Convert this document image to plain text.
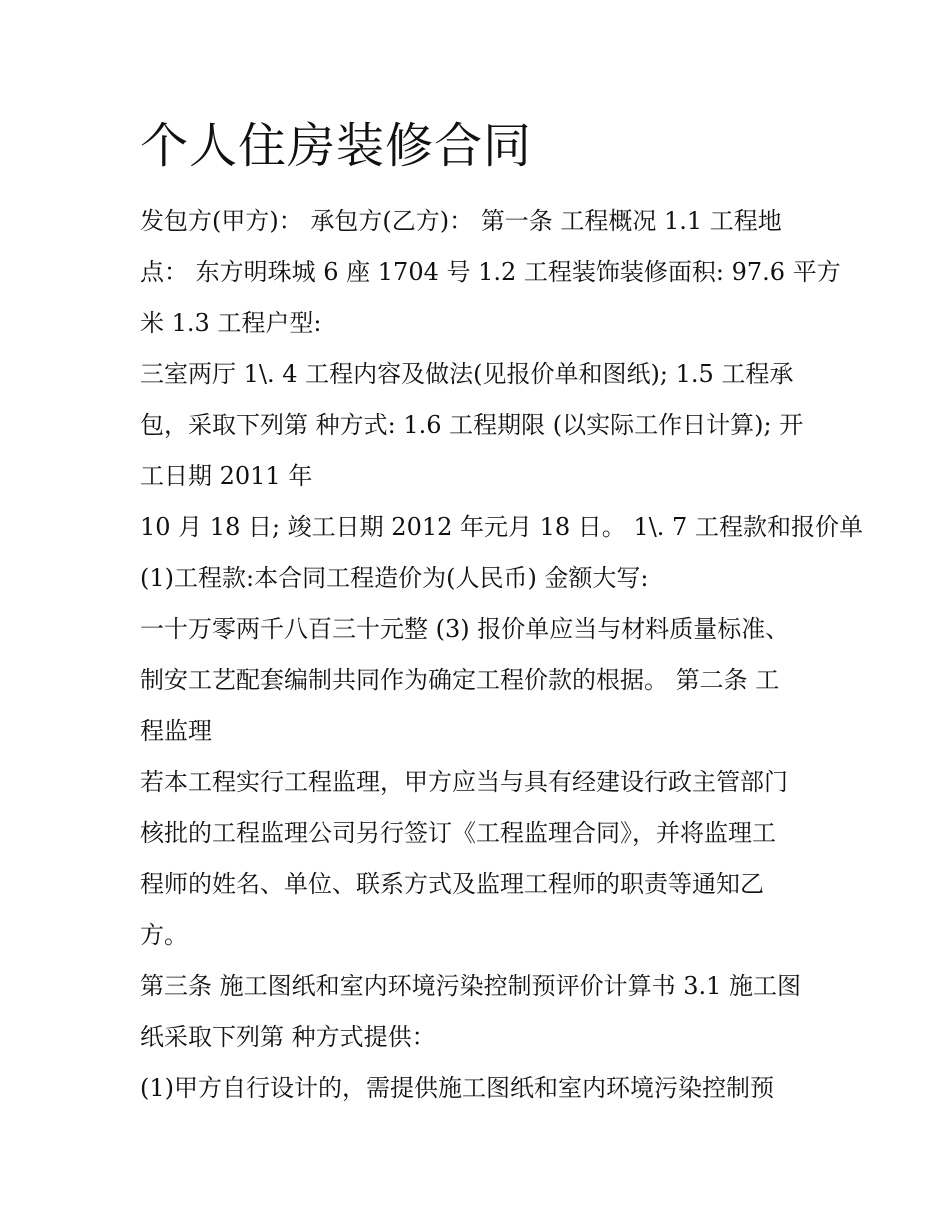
个人住房装修合同

发包方(甲方)： 承包方(乙方)： 第一条 工程概况 1.1 工程地

点： 东方明珠城 6 座 1704 号 1.2 工程装饰装修面积: 97.6 平方

米 1.3 工程户型:

三室两厅 1\. 4 工程内容及做法(见报价单和图纸); 1.5 工程承

包，采取下列第 种方式: 1.6 工程期限 (以实际工作日计算); 开

工日期 2011 年

10 月 18 日; 竣工日期 2012 年元月 18 日。 1\. 7 工程款和报价单

(1)工程款:本合同工程造价为(人民币) 金额大写:

一十万零两千八百三十元整 (3) 报价单应当与材料质量标准、

制安工艺配套编制共同作为确定工程价款的根据。 第二条 工

程监理

若本工程实行工程监理，甲方应当与具有经建设行政主管部门

核批的工程监理公司另行签订《工程监理合同》，并将监理工

程师的姓名、单位、联系方式及监理工程师的职责等通知乙

方。

第三条 施工图纸和室内环境污染控制预评价计算书 3.1 施工图

纸采取下列第 种方式提供：

(1)甲方自行设计的，需提供施工图纸和室内环境污染控制预
